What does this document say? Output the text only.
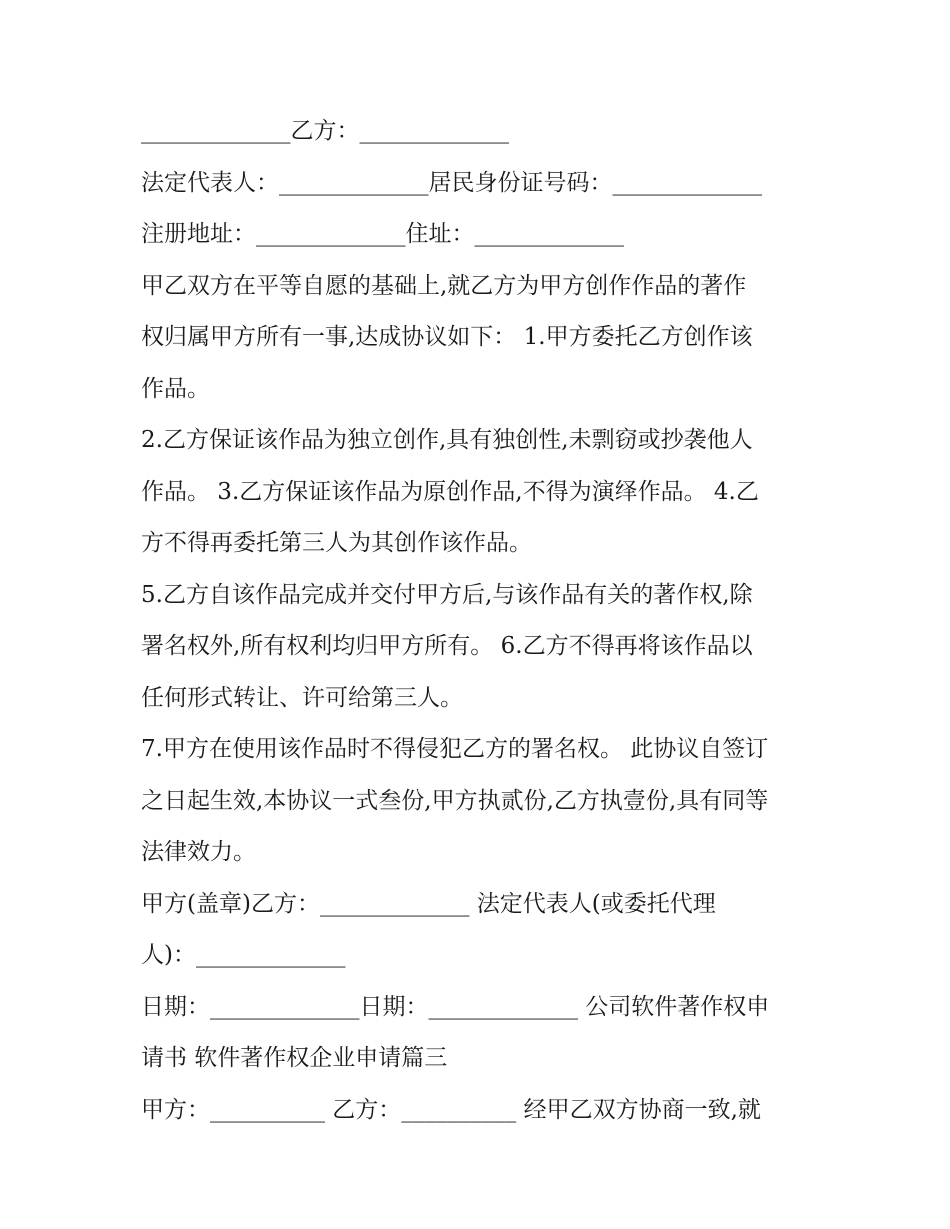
_____________乙方：_____________
法定代表人：_____________居民身份证号码：_____________
注册地址：_____________住址：_____________
甲乙双方在平等自愿的基础上,就乙方为甲方创作作品的著作
权归属甲方所有一事,达成协议如下： 1.甲方委托乙方创作该
作品。
2.乙方保证该作品为独立创作,具有独创性,未剽窃或抄袭他人
作品。 3.乙方保证该作品为原创作品,不得为演绎作品。 4.乙
方不得再委托第三人为其创作该作品。
5.乙方自该作品完成并交付甲方后,与该作品有关的著作权,除
署名权外,所有权利均归甲方所有。 6.乙方不得再将该作品以
任何形式转让、许可给第三人。
7.甲方在使用该作品时不得侵犯乙方的署名权。 此协议自签订
之日起生效,本协议一式叁份,甲方执贰份,乙方执壹份,具有同等
法律效力。
甲方(盖章)乙方：_____________ 法定代表人(或委托代理
人)：_____________
日期：_____________日期：_____________ 公司软件著作权申
请书 软件著作权企业申请篇三
甲方：__________ 乙方：__________ 经甲乙双方协商一致,就
